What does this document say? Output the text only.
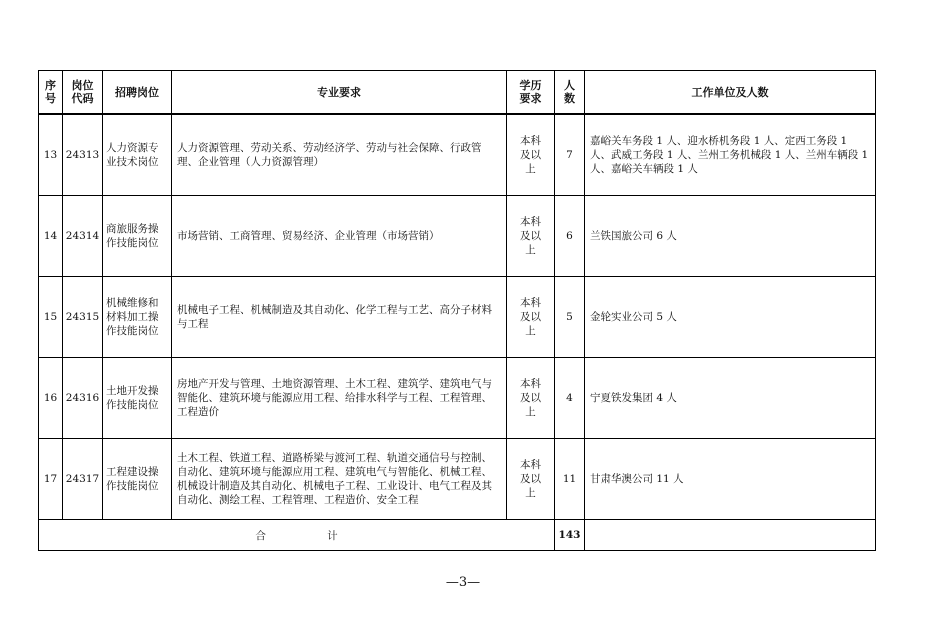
序号	岗位代码	招聘岗位	专业要求	学历要求	人数	工作单位及人数
13	24313	人力资源专业技术岗位	人力资源管理、劳动关系、劳动经济学、劳动与社会保障、行政管理、企业管理（人力资源管理）	本科及以上	7	嘉峪关车务段 1 人、迎水桥机务段 1 人、定西工务段 1 人、武威工务段 1 人、兰州工务机械段 1 人、兰州车辆段 1 人、嘉峪关车辆段 1 人
14	24314	商旅服务操作技能岗位	市场营销、工商管理、贸易经济、企业管理（市场营销）	本科及以上	6	兰铁国旅公司 6 人
15	24315	机械维修和材料加工操作技能岗位	机械电子工程、机械制造及其自动化、化学工程与工艺、高分子材料与工程	本科及以上	5	金轮实业公司 5 人
16	24316	土地开发操作技能岗位	房地产开发与管理、土地资源管理、土木工程、建筑学、建筑电气与智能化、建筑环境与能源应用工程、给排水科学与工程、工程管理、工程造价	本科及以上	4	宁夏铁发集团 4 人
17	24317	工程建设操作技能岗位	土木工程、铁道工程、道路桥梁与渡河工程、轨道交通信号与控制、自动化、建筑环境与能源应用工程、建筑电气与智能化、机械工程、机械设计制造及其自动化、机械电子工程、工业设计、电气工程及其自动化、测绘工程、工程管理、工程造价、安全工程	本科及以上	11	甘肃华澳公司 11 人
合 计					143	
—3—
